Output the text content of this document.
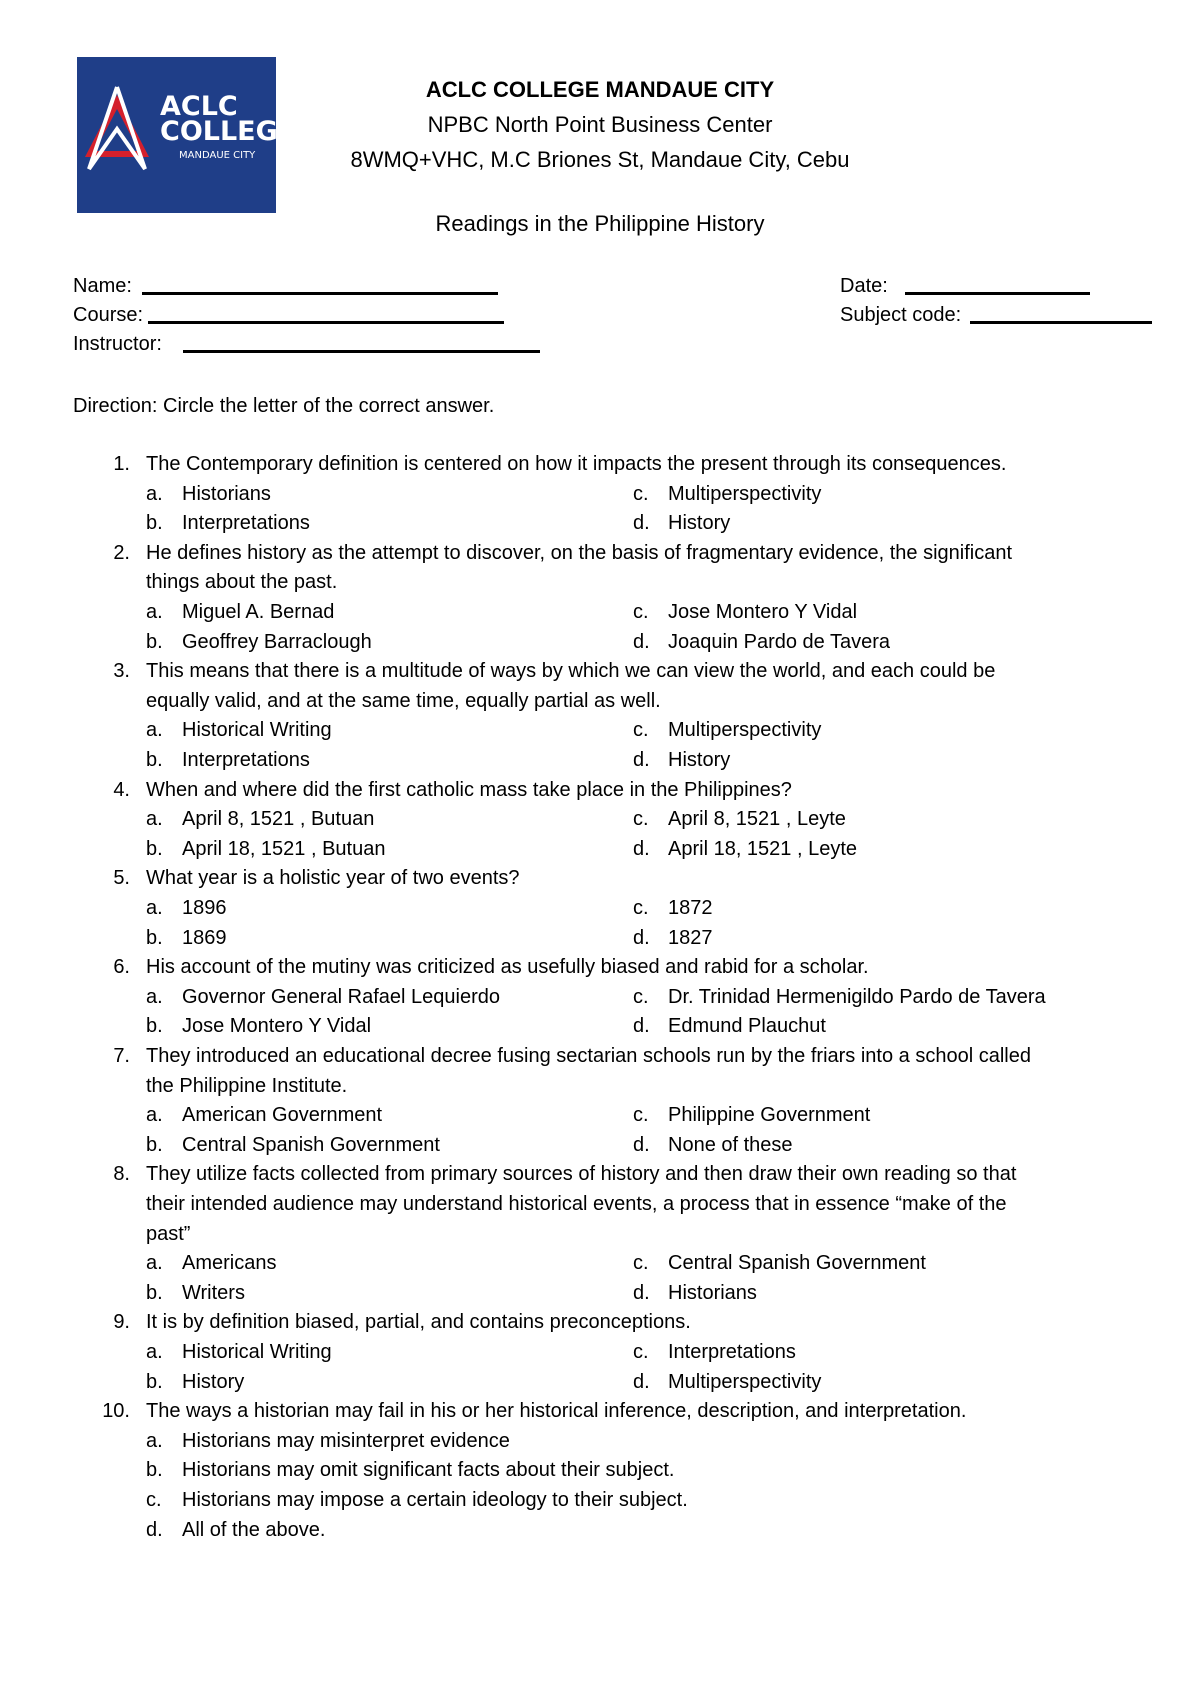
ACLC
COLLEGE
MANDAUE CITY
ACLC COLLEGE MANDAUE CITY
NPBC North Point Business Center
8WMQ+VHC, M.C Briones St, Mandaue City, Cebu
Readings in the Philippine History
Name:
Course:
Instructor:
Date:
Subject code:
Direction: Circle the letter of the correct answer.
1. The Contemporary definition is centered on how it impacts the present through its consequences.
a. Historians
b. Interpretations
c. Multiperspectivity
d. History
2. He defines history as the attempt to discover, on the basis of fragmentary evidence, the significant
things about the past.
a. Miguel A. Bernad
b. Geoffrey Barraclough
c. Jose Montero Y Vidal
d. Joaquin Pardo de Tavera
3. This means that there is a multitude of ways by which we can view the world, and each could be
equally valid, and at the same time, equally partial as well.
a. Historical Writing
b. Interpretations
c. Multiperspectivity
d. History
4. When and where did the first catholic mass take place in the Philippines?
a. April 8, 1521 , Butuan
b. April 18, 1521 , Butuan
c. April 8, 1521 , Leyte
d. April 18, 1521 , Leyte
5. What year is a holistic year of two events?
a. 1896
b. 1869
c. 1872
d. 1827
6. His account of the mutiny was criticized as usefully biased and rabid for a scholar.
a. Governor General Rafael Lequierdo
b. Jose Montero Y Vidal
c. Dr. Trinidad Hermenigildo Pardo de Tavera
d. Edmund Plauchut
7. They introduced an educational decree fusing sectarian schools run by the friars into a school called
the Philippine Institute.
a. American Government
b. Central Spanish Government
c. Philippine Government
d. None of these
8. They utilize facts collected from primary sources of history and then draw their own reading so that
their intended audience may understand historical events, a process that in essence “make of the
past”
a. Americans
b. Writers
c. Central Spanish Government
d. Historians
9. It is by definition biased, partial, and contains preconceptions.
a. Historical Writing
b. History
c. Interpretations
d. Multiperspectivity
10. The ways a historian may fail in his or her historical inference, description, and interpretation.
a. Historians may misinterpret evidence
b. Historians may omit significant facts about their subject.
c. Historians may impose a certain ideology to their subject.
d. All of the above.
